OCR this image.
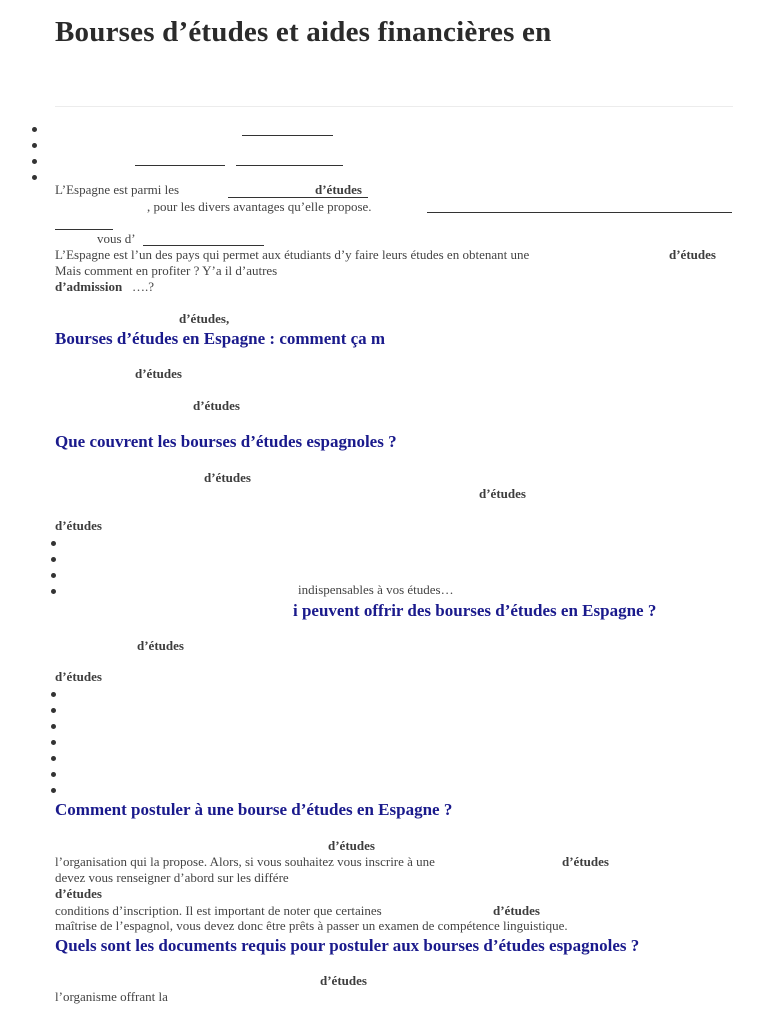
Bourses d’études et aides financières en
L’Espagne est parmi les	d’études
, pour les divers avantages qu’elle propose.
vous d’
L’Espagne est l’un des pays qui permet aux étudiants d’y faire leurs études en obtenant une	d’études
Mais comment en profiter ? Y’a il d’autres
d’admission ….?
d’études,
Bourses d’études en Espagne : comment ça m
d’études
d’études
Que couvrent les bourses d’études espagnoles ?
d’études
d’études
d’études
indispensables à vos études…
i peuvent offrir des bourses d’études en Espagne ?
d’études
d’études
Comment postuler à une bourse d’études en Espagne ?
d’études
l’organisation qui la propose. Alors, si vous souhaitez vous inscrire à une	d’études
devez vous renseigner d’abord sur les différe
d’études
conditions d’inscription. Il est important de noter que certaines	d’études
maîtrise de l’espagnol, vous devez donc être prêts à passer un examen de compétence linguistique.
Quels sont les documents requis pour postuler aux bourses d’études espagnoles ?
d’études
l’organisme offrant la
